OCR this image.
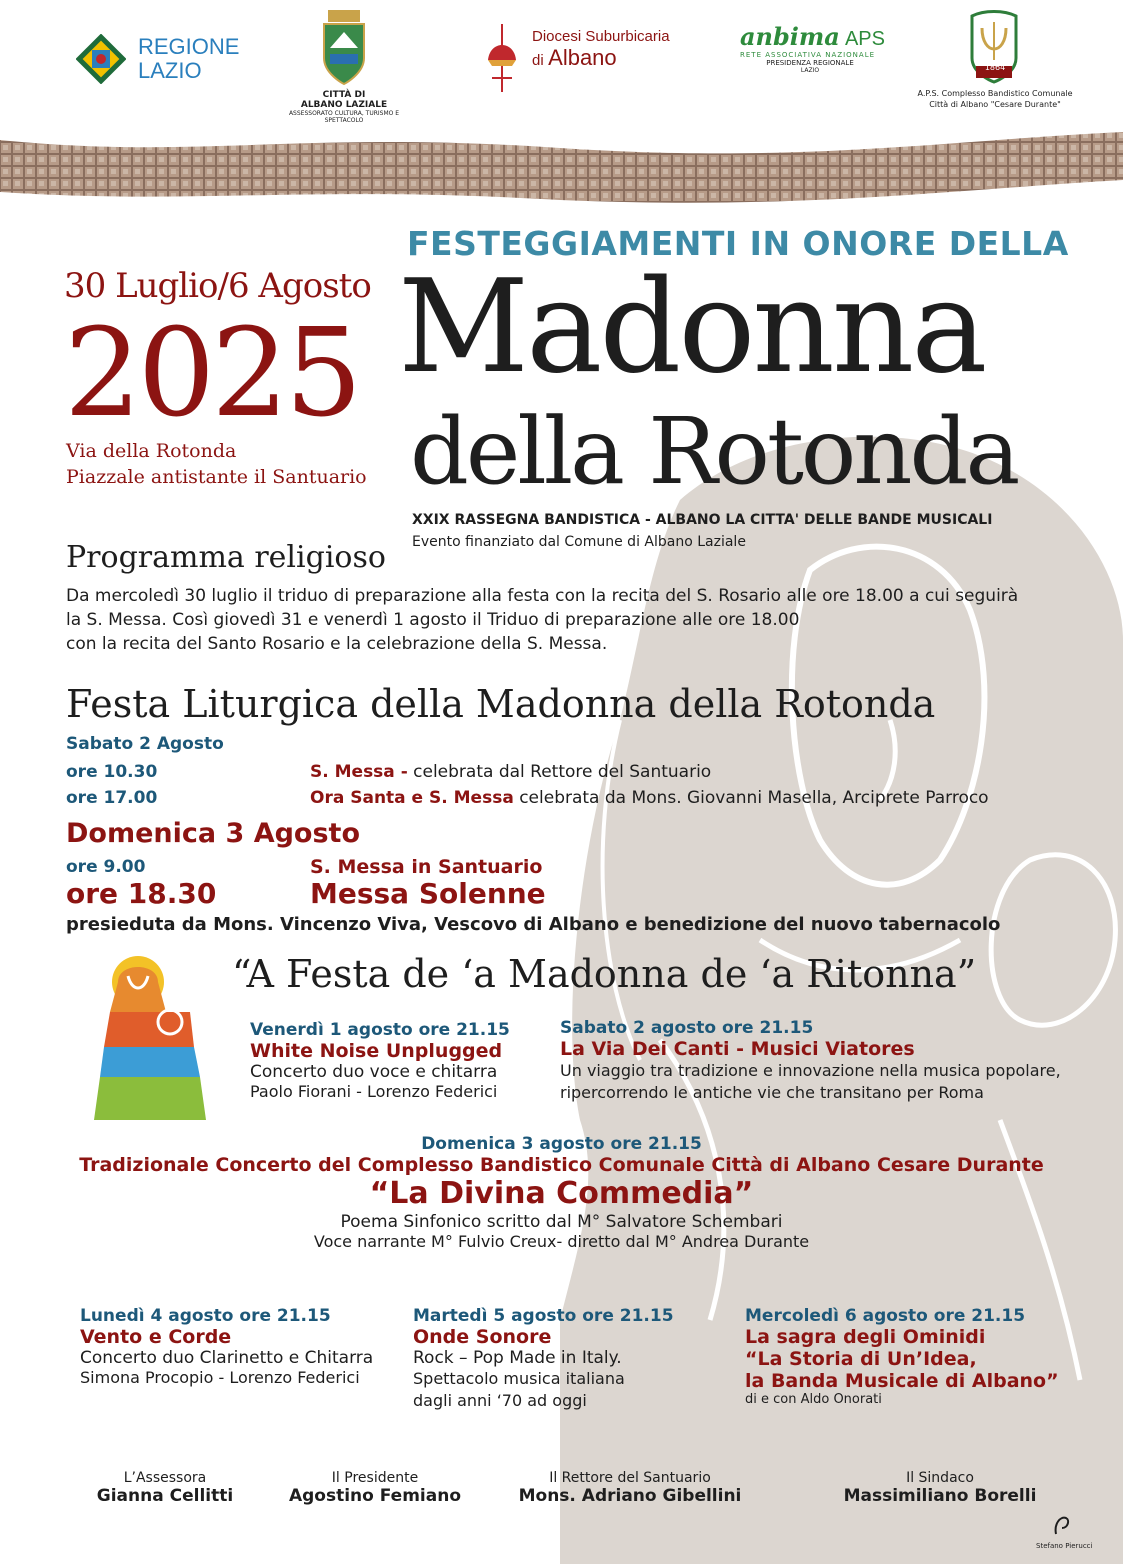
REGIONE
LAZIO
CITTÀ DI
ALBANO LAZIALE
ASSESSORATO CULTURA, TURISMO E SPETTACOLO
Diocesi Suburbicaria
di Albano
anbima APS
RETE ASSOCIATIVA NAZIONALE
PRESIDENZA REGIONALE
LAZIO	1864
A.P.S. Complesso Bandistico Comunale
Città di Albano "Cesare Durante"
FESTEGGIAMENTI IN ONORE DELLA
30 Luglio/6 Agosto
2025
Via della Rotonda
Piazzale antistante il Santuario
Madonna
della Rotonda
XXIX RASSEGNA BANDISTICA - ALBANO LA CITTA' DELLE BANDE MUSICALI
Evento finanziato dal Comune di Albano Laziale
Programma religioso
Da mercoledì 30 luglio il triduo di preparazione alla festa con la recita del S. Rosario alle ore 18.00 a cui seguirà
la S. Messa. Così giovedì 31 e venerdì 1 agosto il Triduo di preparazione alle ore 18.00
con la recita del Santo Rosario e la celebrazione della S. Messa.
Festa Liturgica della Madonna della Rotonda
Sabato 2 Agosto
ore 10.30	S. Messa - celebrata dal Rettore del Santuario
ore 17.00	Ora Santa e S. Messa celebrata da Mons. Giovanni Masella, Arciprete Parroco
Domenica 3 Agosto
ore 9.00	S. Messa in Santuario
ore 18.30	Messa Solenne
presieduta da Mons. Vincenzo Viva, Vescovo di Albano e benedizione del nuovo tabernacolo
“A Festa de ‘a Madonna de ‘a Ritonna”
Venerdì 1 agosto ore 21.15
White Noise Unplugged
Concerto duo voce e chitarra
Paolo Fiorani - Lorenzo Federici
Sabato 2 agosto ore 21.15
La Via Dei Canti - Musici Viatores
Un viaggio tra tradizione e innovazione nella musica popolare,
ripercorrendo le antiche vie che transitano per Roma
Domenica 3 agosto ore 21.15
Tradizionale Concerto del Complesso Bandistico Comunale Città di Albano Cesare Durante
“La Divina Commedia”
Poema Sinfonico scritto dal M° Salvatore Schembari
Voce narrante M° Fulvio Creux- diretto dal M° Andrea Durante
Lunedì 4 agosto ore 21.15
Vento e Corde
Concerto duo Clarinetto e Chitarra
Simona Procopio - Lorenzo Federici
Martedì 5 agosto ore 21.15
Onde Sonore
Rock – Pop Made in Italy.
Spettacolo musica italiana
dagli anni ‘70 ad oggi
Mercoledì 6 agosto ore 21.15
La sagra degli Ominidi
“La Storia di Un’Idea,
la Banda Musicale di Albano”
di e con Aldo Onorati
L’Assessora
Gianna Cellitti
Il Presidente
Agostino Femiano
Il Rettore del Santuario
Mons. Adriano Gibellini
Il Sindaco
Massimiliano Borelli
Stefano Pierucci
